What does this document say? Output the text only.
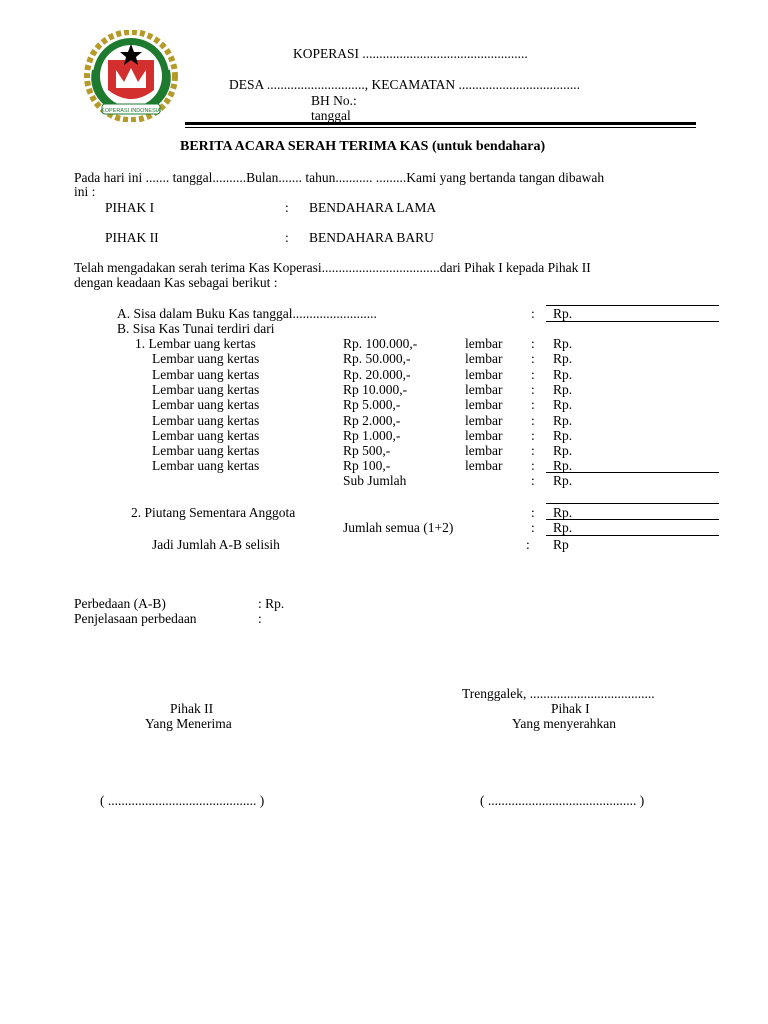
KOPERASI INDONESIA
KOPERASI .................................................
DESA ............................., KECAMATAN ....................................
BH No.:
tanggal
BERITA ACARA SERAH TERIMA KAS (untuk bendahara)
Pada hari ini ....... tanggal..........Bulan....... tahun........... .........Kami yang bertanda tangan dibawah
ini :
PIHAK I	: BENDAHARA LAMA
PIHAK II	: BENDAHARA BARU
Telah mengadakan serah terima Kas Koperasi...................................dari Pihak I kepada Pihak II
dengan keadaan Kas sebagai berikut :
A. Sisa dalam Buku Kas tanggal.........................	: Rp.
B. Sisa Kas Tunai terdiri dari
1. Lembar uang kertas	Rp. 100.000,-	lembar : Rp.
Lembar uang kertas	Rp. 50.000,-	lembar : Rp.
Lembar uang kertas	Rp. 20.000,-	lembar : Rp.
Lembar uang kertas	Rp 10.000,-	lembar : Rp.
Lembar uang kertas	Rp 5.000,-	lembar : Rp.
Lembar uang kertas	Rp 2.000,-	lembar : Rp.
Lembar uang kertas	Rp 1.000,-	lembar : Rp.
Lembar uang kertas	Rp 500,-	lembar : Rp.
Lembar uang kertas	Rp 100,-	lembar : Rp.
Sub Jumlah	: Rp.
2. Piutang Sementara Anggota	: Rp.
Jumlah semua (1+2)	: Rp.
Jadi Jumlah A-B selisih	: Rp
Perbedaan (A-B)	: Rp.
Penjelasaan perbedaan	:
Trenggalek, .....................................
Pihak II
Yang Menerima
Pihak I
Yang menyerahkan
( ............................................ )	( ............................................ )
